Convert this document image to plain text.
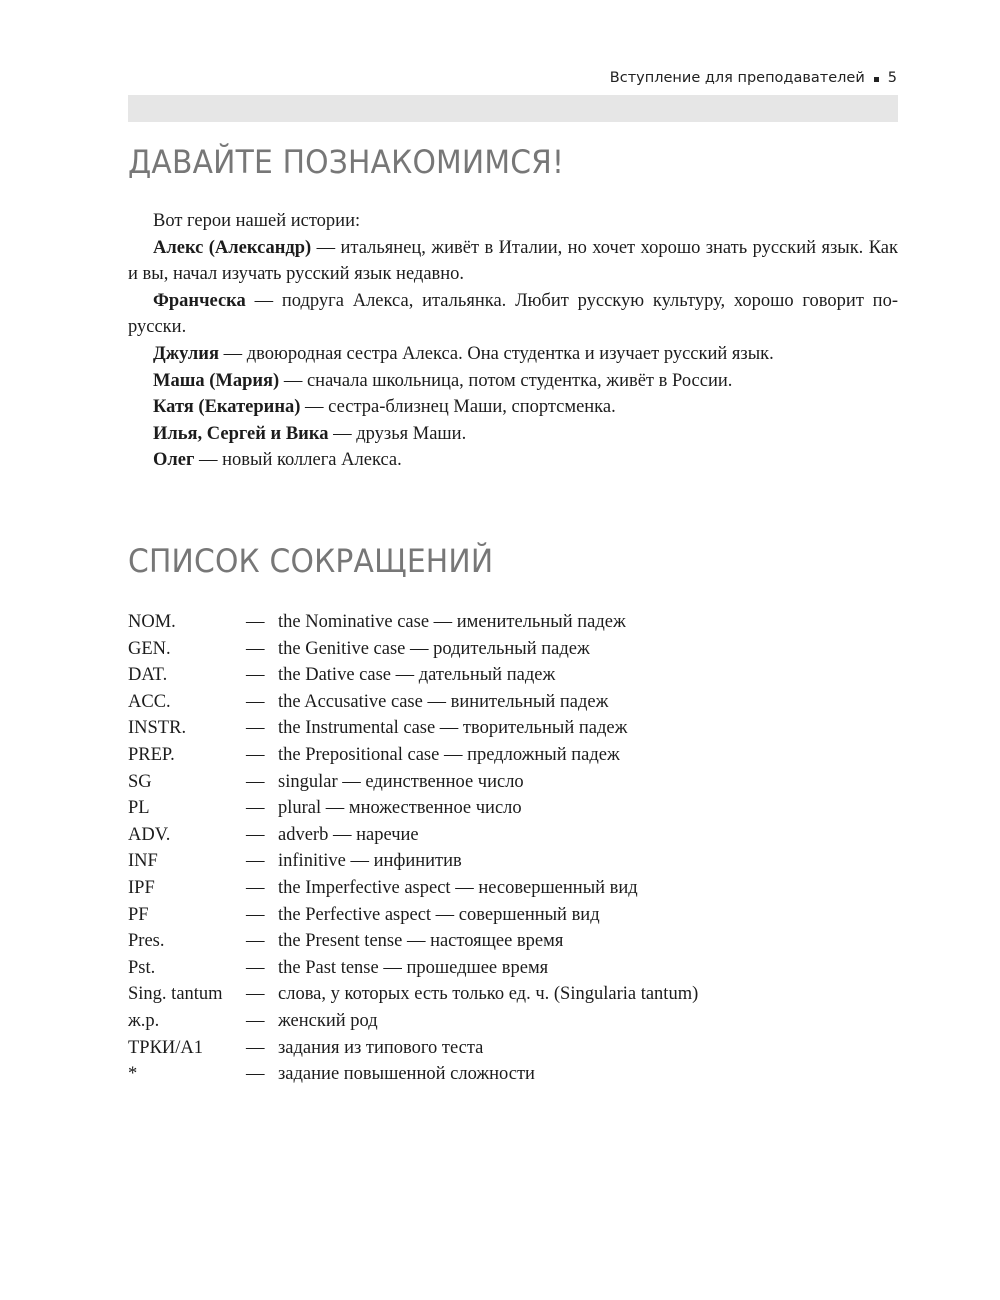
Вступление для преподавателей 5
ДАВАЙТЕ ПОЗНАКОМИМСЯ!

Вот герои нашей истории:

Алекс (Александр) — итальянец, живёт в Италии, но хочет хорошо знать русский язык. Как и вы, начал изучать русский язык недавно.

Франческа — подруга Алекса, итальянка. Любит русскую культуру, хорошо говорит по-русски.

Джулия — двоюродная сестра Алекса. Она студентка и изучает русский язык.

Маша (Мария) — сначала школьница, потом студентка, живёт в России.

Катя (Екатерина) — сестра-близнец Маши, спортсменка.

Илья, Сергей и Вика — друзья Маши.

Олег — новый коллега Алекса.

СПИСОК СОКРАЩЕНИЙ
NOM.	— the Nominative case — именительный падеж
GEN.	— the Genitive case — родительный падеж
DAT.	— the Dative case — дательный падеж
ACC.	— the Accusative case — винительный падеж
INSTR.	— the Instrumental case — творительный падеж
PREP.	— the Prepositional case — предложный падеж
SG	— singular — единственное число
PL	— plural — множественное число
ADV.	— adverb — наречие
INF	— infinitive — инфинитив
IPF	— the Imperfective aspect — несовершенный вид
PF	— the Perfective aspect — совершенный вид
Pres.	— the Present tense — настоящее время
Pst.	— the Past tense — прошедшее время
Sing. tantum	— слова, у которых есть только ед. ч. (Singularia tantum)
ж.р.	— женский род
ТРКИ/А1	— задания из типового теста
*	— задание повышенной сложности
